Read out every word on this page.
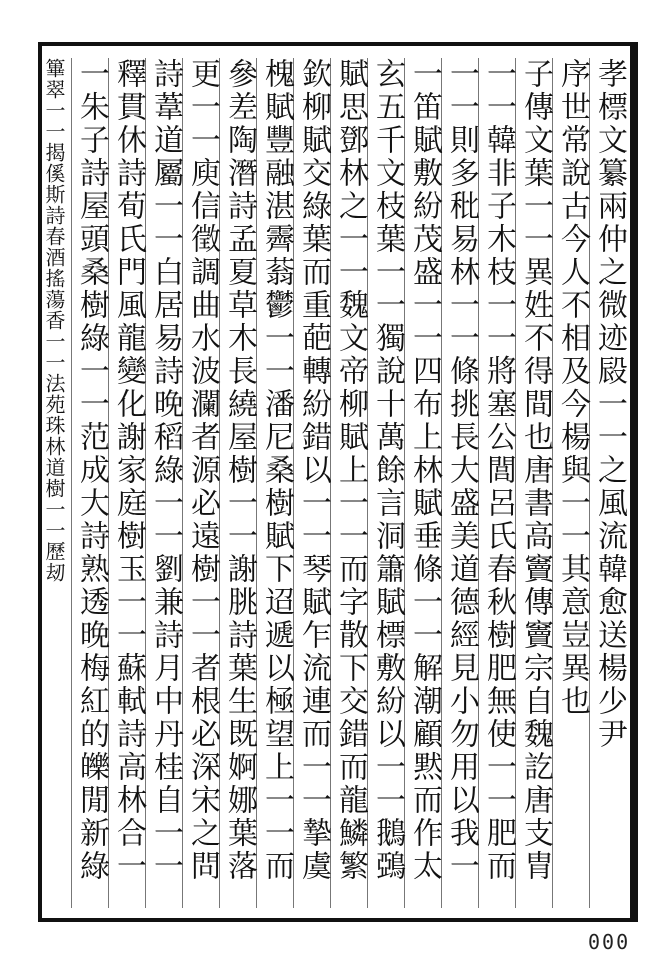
孝標文纂兩仲之微迹㲀一一之風流韓愈送楊少尹
序世常說古今人不相及今楊與一一其意豈異也
子傳文葉一一異姓不得間也唐書高竇傳竇宗自魏訖唐支胄
一一韓非子木枝一一將塞公閭呂氏春秋樹肥無使一一肥而
一一則多秕易林一一條挑長大盛美道德經見小勿用以我一
一笛賦敷紛茂盛一一四布上林賦垂條一一解潮顧黙而作太
玄五千文枝葉一一獨說十萬餘言洞簫賦標敷紛以一一鵝鵶
賦思鄧林之一一魏文帝柳賦上一一而字散下交錯而龍鱗繁
欽柳賦交綠葉而重葩轉紛錯以一一琴賦乍流連而一一摯虞
槐賦豐融湛霽蓊鬱一一潘尼桑樹賦下迢遞以極望上一一而
參差陶潛詩孟夏草木長繞屋樹一一謝朓詩葉生既婀娜葉落
更一一庾信徵調曲水波瀾者源必遠樹一一者根必深宋之問
詩葦道屬一一白居易詩晚稻綠一一劉兼詩月中丹桂自一一
釋貫休詩荀氏門風龍變化謝家庭樹玉一一蘇軾詩高林合一
一朱子詩屋頭桑樹綠一一范成大詩熟透晚梅紅的皪閒新綠
篳翠一一揭傒斯詩春酒搖蕩香一一法苑珠林道樹一一歷刼
000
